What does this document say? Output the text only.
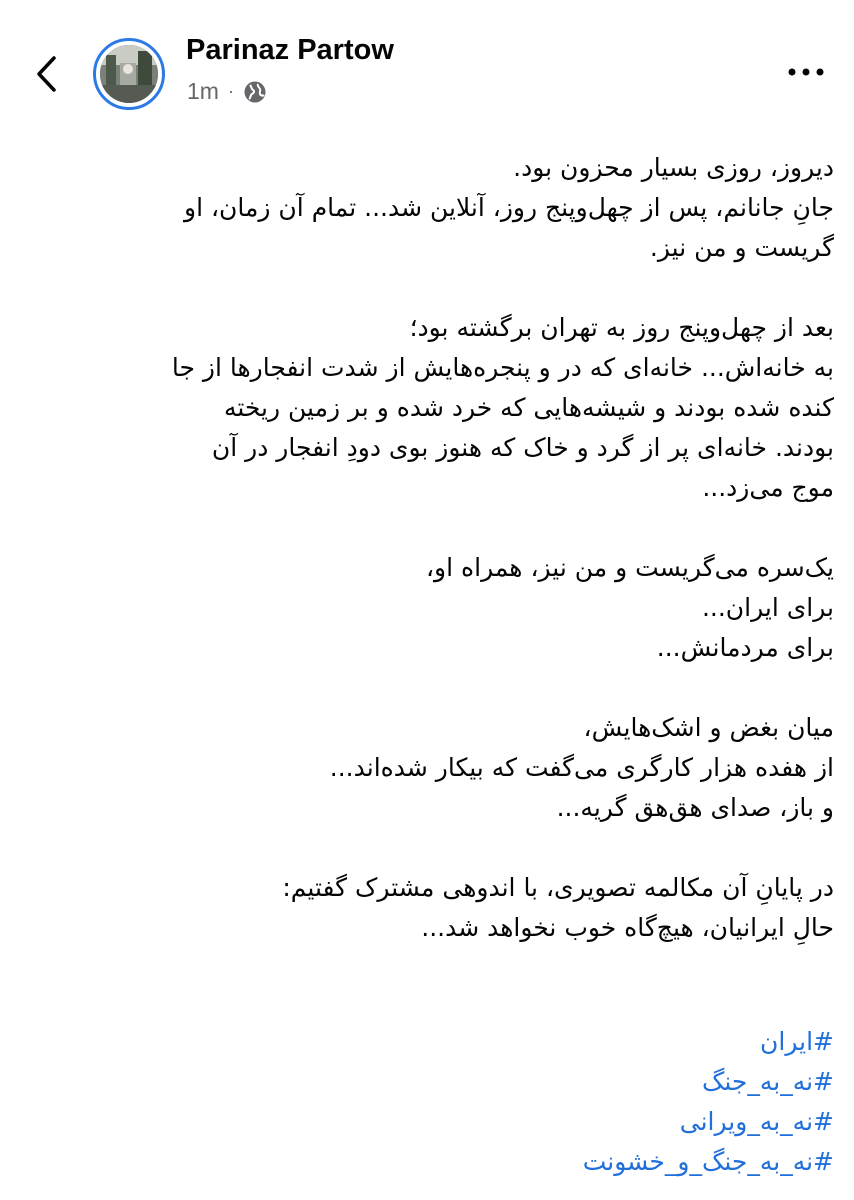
Parinaz Partow
1m ·

دیروز، روزی بسیار محزون بود.
جانِ جانانم، پس از چهل‌وپنج روز، آنلاین شد... تمام آن زمان، او
گریست و من نیز.

بعد از چهل‌وپنج روز به تهران برگشته بود؛
به خانه‌اش... خانه‌ای که در و پنجره‌هایش از شدت انفجارها از جا
کنده شده بودند و شیشه‌هایی که خرد شده و بر زمین ریخته
بودند. خانه‌ای پر از گرد و خاک که هنوز بوی دودِ انفجار در آن
موج می‌زد...

یک‌سره می‌گریست و من نیز، همراه او،
برای ایران...
برای مردمانش...

میان بغض و اشک‌هایش،
از هفده هزار کارگری می‌گفت که بیکار شده‌اند...
و باز، صدای هق‌هق گریه...

در پایانِ آن مکالمه تصویری، با اندوهی مشترک گفتیم:
حالِ ایرانیان، هیچ‌گاه خوب نخواهد شد...

#ایران
#نه_به_جنگ
#نه_به_ویرانی
#نه_به_جنگ_و_خشونت
